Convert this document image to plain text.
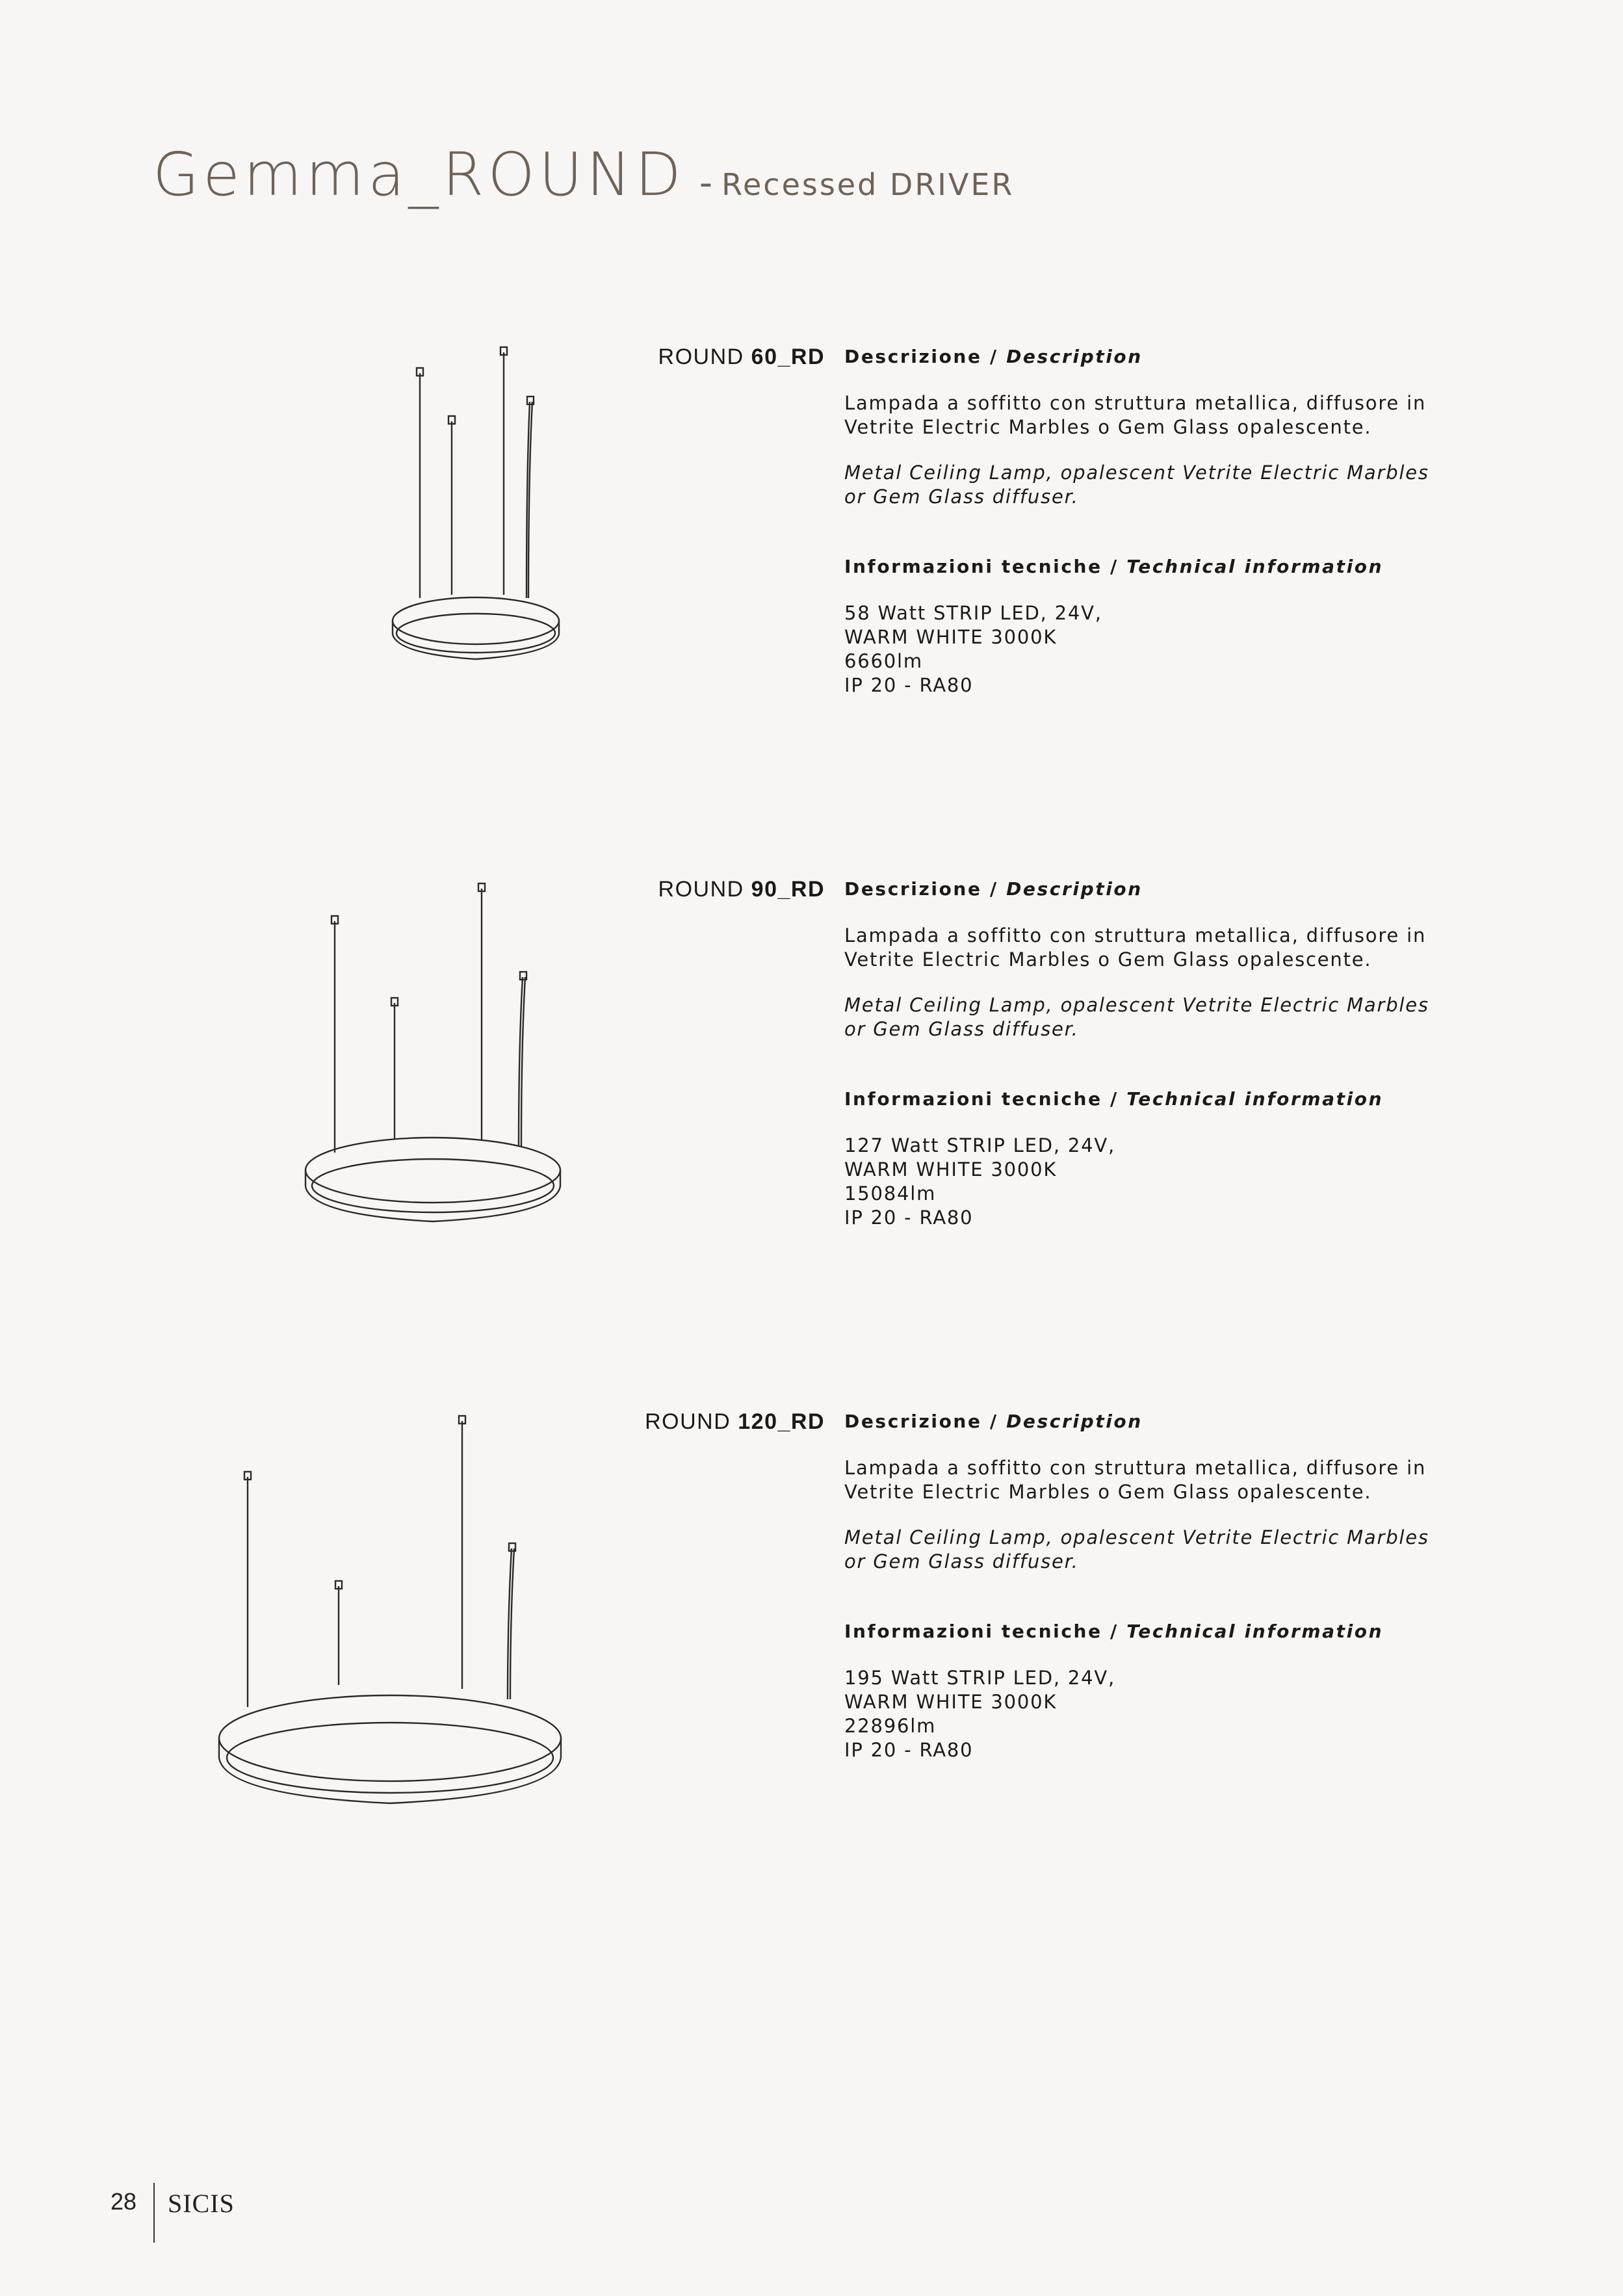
Gemma_ROUND - Recessed DRIVER
ROUND 60_RD Descrizione / Description

Lampada a soffitto con struttura metallica, diffusore in

Vetrite Electric Marbles o Gem Glass opalescente.

Metal Ceiling Lamp, opalescent Vetrite Electric Marbles

or Gem Glass diffuser.

Informazioni tecniche / Technical information

58 Watt STRIP LED, 24V,

WARM WHITE 3000K

6660lm

IP 20 - RA80

ROUND 90_RD Descrizione / Description

Lampada a soffitto con struttura metallica, diffusore in

Vetrite Electric Marbles o Gem Glass opalescente.

Metal Ceiling Lamp, opalescent Vetrite Electric Marbles

or Gem Glass diffuser.

Informazioni tecniche / Technical information

127 Watt STRIP LED, 24V,

WARM WHITE 3000K

15084lm

IP 20 - RA80

ROUND 120_RD Descrizione / Description

Lampada a soffitto con struttura metallica, diffusore in

Vetrite Electric Marbles o Gem Glass opalescente.

Metal Ceiling Lamp, opalescent Vetrite Electric Marbles

or Gem Glass diffuser.

Informazioni tecniche / Technical information

195 Watt STRIP LED, 24V,

WARM WHITE 3000K

22896lm

IP 20 - RA80

28 SICIS
